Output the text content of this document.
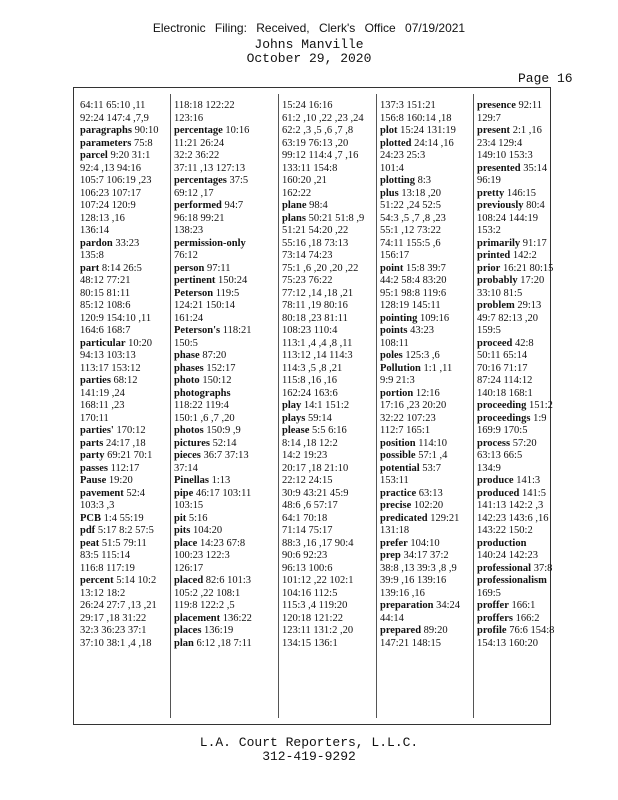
Electronic Filing: Received, Clerk's Office 07/19/2021
Johns Manville
October 29, 2020
Page 16
64:11 65:10 ,11
92:24 147:4 ,7,9
paragraphs 90:10
parameters 75:8
parcel 9:20 31:1
92:4 ,13 94:16
105:7 106:19 ,23
106:23 107:17
107:24 120:9
128:13 ,16
136:14
pardon 33:23
135:8
part 8:14 26:5
48:12 77:21
80:15 81:11
85:12 108:6
120:9 154:10 ,11
164:6 168:7
particular 10:20
94:13 103:13
113:17 153:12
parties 68:12
141:19 ,24
168:11 ,23
170:11
parties' 170:12
parts 24:17 ,18
party 69:21 70:1
passes 112:17
Pause 19:20
pavement 52:4
103:3 ,3
PCB 1:4 55:19
pdf 5:17 8:2 57:5
peat 51:5 79:11
83:5 115:14
116:8 117:19
percent 5:14 10:2
13:12 18:2
26:24 27:7 ,13 ,21
29:17 ,18 31:22
32:3 36:23 37:1
37:10 38:1 ,4 ,18
118:18 122:22
123:16
percentage 10:16
11:21 26:24
32:2 36:22
37:11 ,13 127:13
percentages 37:5
69:12 ,17
performed 94:7
96:18 99:21
138:23
permission-only
76:12
person 97:11
pertinent 150:24
Peterson 119:5
124:21 150:14
161:24
Peterson's 118:21
150:5
phase 87:20
phases 152:17
photo 150:12
photographs
118:22 119:4
150:1 ,6 ,7 ,20
photos 150:9 ,9
pictures 52:14
pieces 36:7 37:13
37:14
Pinellas 1:13
pipe 46:17 103:11
103:15
pit 5:16
pits 104:20
place 14:23 67:8
100:23 122:3
126:17
placed 82:6 101:3
105:2 ,22 108:1
119:8 122:2 ,5
placement 136:22
places 136:19
plan 6:12 ,18 7:11
15:24 16:16
61:2 ,10 ,22 ,23 ,24
62:2 ,3 ,5 ,6 ,7 ,8
63:19 76:13 ,20
99:12 114:4 ,7 ,16
133:11 154:8
160:20 ,21
162:22
plane 98:4
plans 50:21 51:8 ,9
51:21 54:20 ,22
55:16 ,18 73:13
73:14 74:23
75:1 ,6 ,20 ,20 ,22
75:23 76:22
77:12 ,14 ,18 ,21
78:11 ,19 80:16
80:18 ,23 81:11
108:23 110:4
113:1 ,4 ,4 ,8 ,11
113:12 ,14 114:3
114:3 ,5 ,8 ,21
115:8 ,16 ,16
162:24 163:6
play 14:1 151:2
plays 59:14
please 5:5 6:16
8:14 ,18 12:2
14:2 19:23
20:17 ,18 21:10
22:12 24:15
30:9 43:21 45:9
48:6 ,6 57:17
64:1 70:18
71:14 75:17
88:3 ,16 ,17 90:4
90:6 92:23
96:13 100:6
101:12 ,22 102:1
104:16 112:5
115:3 ,4 119:20
120:18 121:22
123:11 131:2 ,20
134:15 136:1
137:3 151:21
156:8 160:14 ,18
plot 15:24 131:19
plotted 24:14 ,16
24:23 25:3
101:4
plotting 8:3
plus 13:18 ,20
51:22 ,24 52:5
54:3 ,5 ,7 ,8 ,23
55:1 ,12 73:22
74:11 155:5 ,6
156:17
point 15:8 39:7
44:2 58:4 83:20
95:1 98:8 119:6
128:19 145:11
pointing 109:16
points 43:23
108:11
poles 125:3 ,6
Pollution 1:1 ,11
9:9 21:3
portion 12:16
17:16 ,23 20:20
32:22 107:23
112:7 165:1
position 114:10
possible 57:1 ,4
potential 53:7
153:11
practice 63:13
precise 102:20
predicated 129:21
131:18
prefer 104:10
prep 34:17 37:2
38:8 ,13 39:3 ,8 ,9
39:9 ,16 139:16
139:16 ,16
preparation 34:24
44:14
prepared 89:20
147:21 148:15
presence 92:11
129:7
present 2:1 ,16
23:4 129:4
149:10 153:3
presented 35:14
96:19
pretty 146:15
previously 80:4
108:24 144:19
153:2
primarily 91:17
printed 142:2
prior 16:21 80:15
probably 17:20
33:10 81:5
problem 29:13
49:7 82:13 ,20
159:5
proceed 42:8
50:11 65:14
70:16 71:17
87:24 114:12
140:18 168:1
proceeding 151:2
proceedings 1:9
169:9 170:5
process 57:20
63:13 66:5
134:9
produce 141:3
produced 141:5
141:13 142:2 ,3
142:23 143:6 ,16
143:22 150:2
production
140:24 142:23
professional 37:8
professionalism
169:5
proffer 166:1
proffers 166:2
profile 76:6 154:8
154:13 160:20
L.A. Court Reporters, L.L.C.
312-419-9292
